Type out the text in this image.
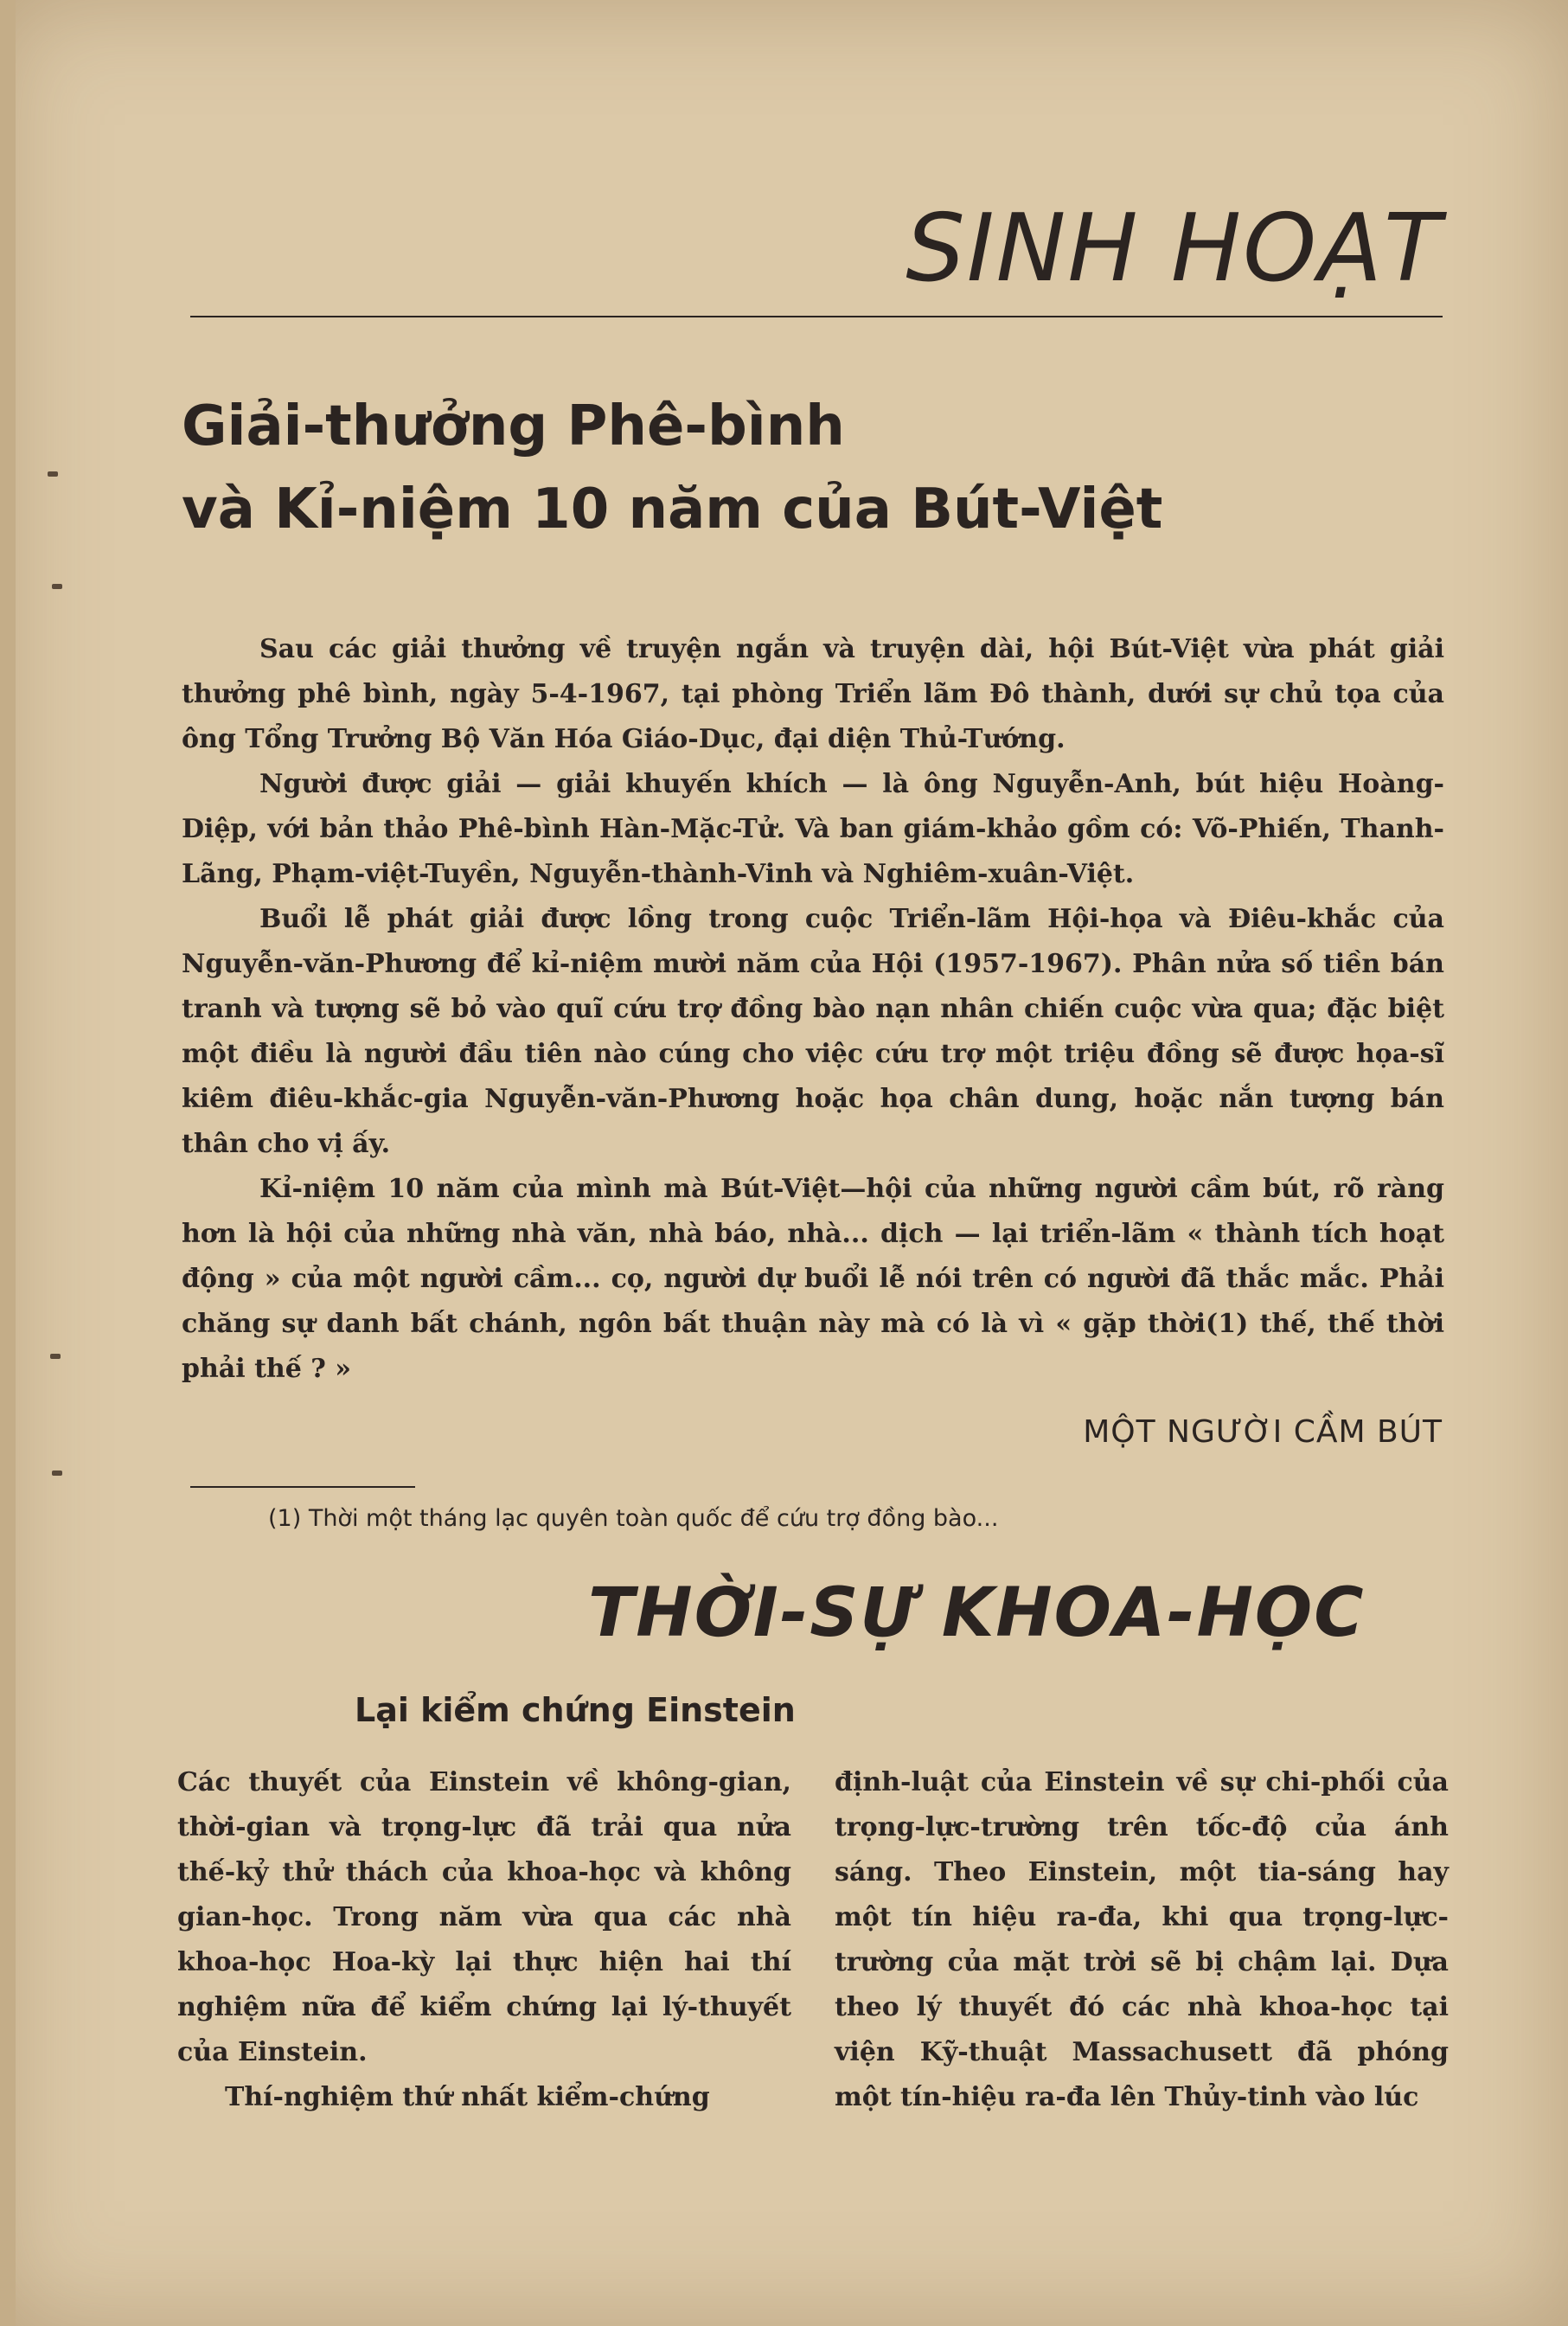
SINH HOẠT
Giải-thưởng Phê-bình
và Kỉ-niệm 10 năm của Bút-Việt

Sau các giải thưởng về truyện ngắn và truyện dài, hội Bút-Việt vừa phát giải thưởng phê bình, ngày 5-4-1967, tại phòng Triển lãm Đô thành, dưới sự chủ tọa của ông Tổng Trưởng Bộ Văn Hóa Giáo-Dục, đại diện Thủ-Tướng.

Người được giải — giải khuyến khích — là ông Nguyễn-Anh, bút hiệu Hoàng-Diệp, với bản thảo Phê-bình Hàn-Mặc-Tử. Và ban giám-khảo gồm có: Võ-Phiến, Thanh-Lãng, Phạm-việt-Tuyền, Nguyễn-thành-Vinh và Nghiêm-xuân-Việt.

Buổi lễ phát giải được lồng trong cuộc Triển-lãm Hội-họa và Điêu-khắc của Nguyễn-văn-Phương để kỉ-niệm mười năm của Hội (1957-1967). Phân nửa số tiền bán tranh và tượng sẽ bỏ vào quĩ cứu trợ đồng bào nạn nhân chiến cuộc vừa qua; đặc biệt một điều là người đầu tiên nào cúng cho việc cứu trợ một triệu đồng sẽ được họa-sĩ kiêm điêu-khắc-gia Nguyễn-văn-Phương hoặc họa chân dung, hoặc nắn tượng bán thân cho vị ấy.

Kỉ-niệm 10 năm của mình mà Bút-Việt—hội của những người cầm bút, rõ ràng hơn là hội của những nhà văn, nhà báo, nhà... dịch — lại triển-lãm « thành tích hoạt động » của một người cầm... cọ, người dự buổi lễ nói trên có người đã thắc mắc. Phải chăng sự danh bất chánh, ngôn bất thuận này mà có là vì « gặp thời(1) thế, thế thời phải thế ? »

MỘT NGƯỜI CẦM BÚT
(1) Thời một tháng lạc quyên toàn quốc để cứu trợ đồng bào...
THỜI-SỰ KHOA-HỌC
Lại kiểm chứng Einstein

Các thuyết của Einstein về không-gian, thời-gian và trọng-lực đã trải qua nửa thế-kỷ thử thách của khoa-học và không gian-học. Trong năm vừa qua các nhà khoa-học Hoa-kỳ lại thực hiện hai thí nghiệm nữa để kiểm chứng lại lý-thuyết của Einstein.

Thí-nghiệm thứ nhất kiểm-chứng

định-luật của Einstein về sự chi-phối của trọng-lực-trường trên tốc-độ của ánh sáng. Theo Einstein, một tia-sáng hay một tín hiệu ra-đa, khi qua trọng-lực-trường của mặt trời sẽ bị chậm lại. Dựa theo lý thuyết đó các nhà khoa-học tại viện Kỹ-thuật Massachusett đã phóng một tín-hiệu ra-đa lên Thủy-tinh vào lúc
